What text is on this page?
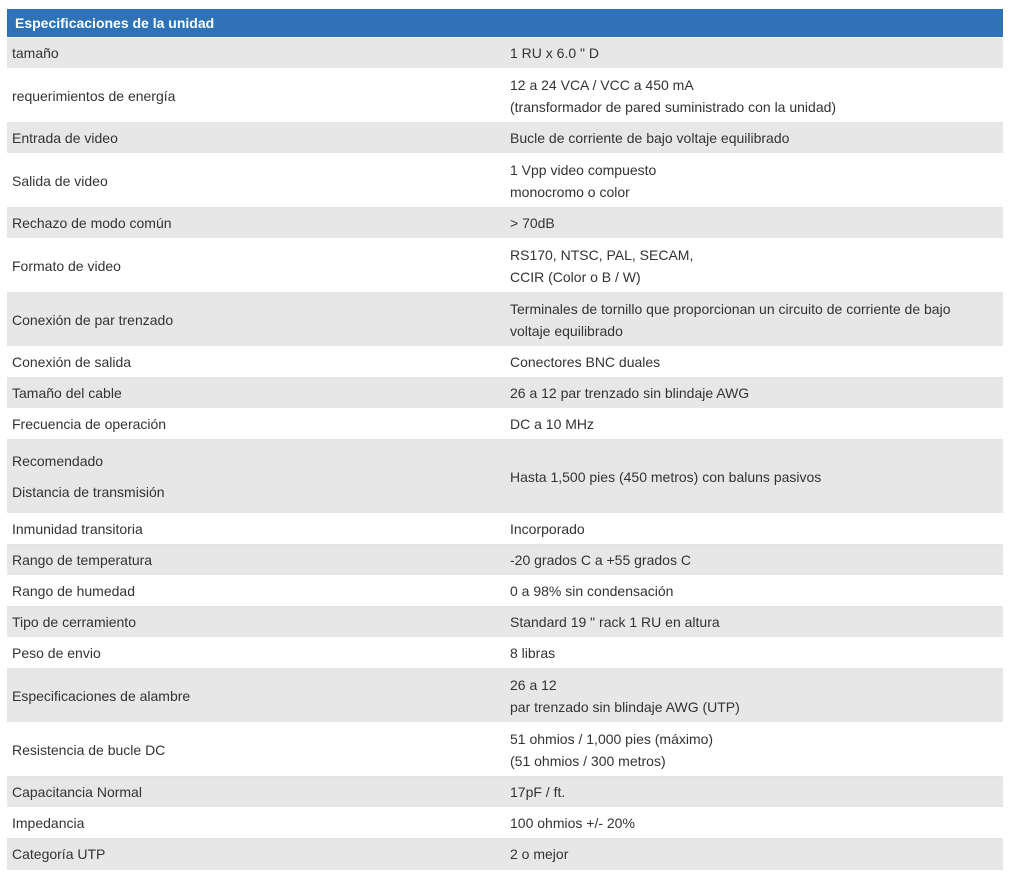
Especificaciones de la unidad	

tamaño	1 RU x 6.0 " D

requerimientos de energía	12 a 24 VCA / VCC a 450 mA
(transformador de pared suministrado con la unidad)

Entrada de video	Bucle de corriente de bajo voltaje equilibrado

Salida de video	1 Vpp video compuesto
monocromo o color

Rechazo de modo común	> 70dB

Formato de video	RS170, NTSC, PAL, SECAM,
CCIR (Color o B / W)

Conexión de par trenzado	Terminales de tornillo que proporcionan un circuito de corriente de bajo
voltaje equilibrado

Conexión de salida	Conectores BNC duales

Tamaño del cable	26 a 12 par trenzado sin blindaje AWG

Frecuencia de operación	DC a 10 MHz

Recomendado
Distancia de transmisión	Hasta 1,500 pies (450 metros) con baluns pasivos

Inmunidad transitoria	Incorporado

Rango de temperatura	-20 grados C a +55 grados C

Rango de humedad	0 a 98% sin condensación

Tipo de cerramiento	Standard 19 " rack 1 RU en altura

Peso de envio	8 libras

Especificaciones de alambre	26 a 12
par trenzado sin blindaje AWG (UTP)

Resistencia de bucle DC	51 ohmios / 1,000 pies (máximo)
(51 ohmios / 300 metros)

Capacitancia Normal	17pF / ft.

Impedancia	100 ohmios +/- 20%

Categoría UTP	2 o mejor
